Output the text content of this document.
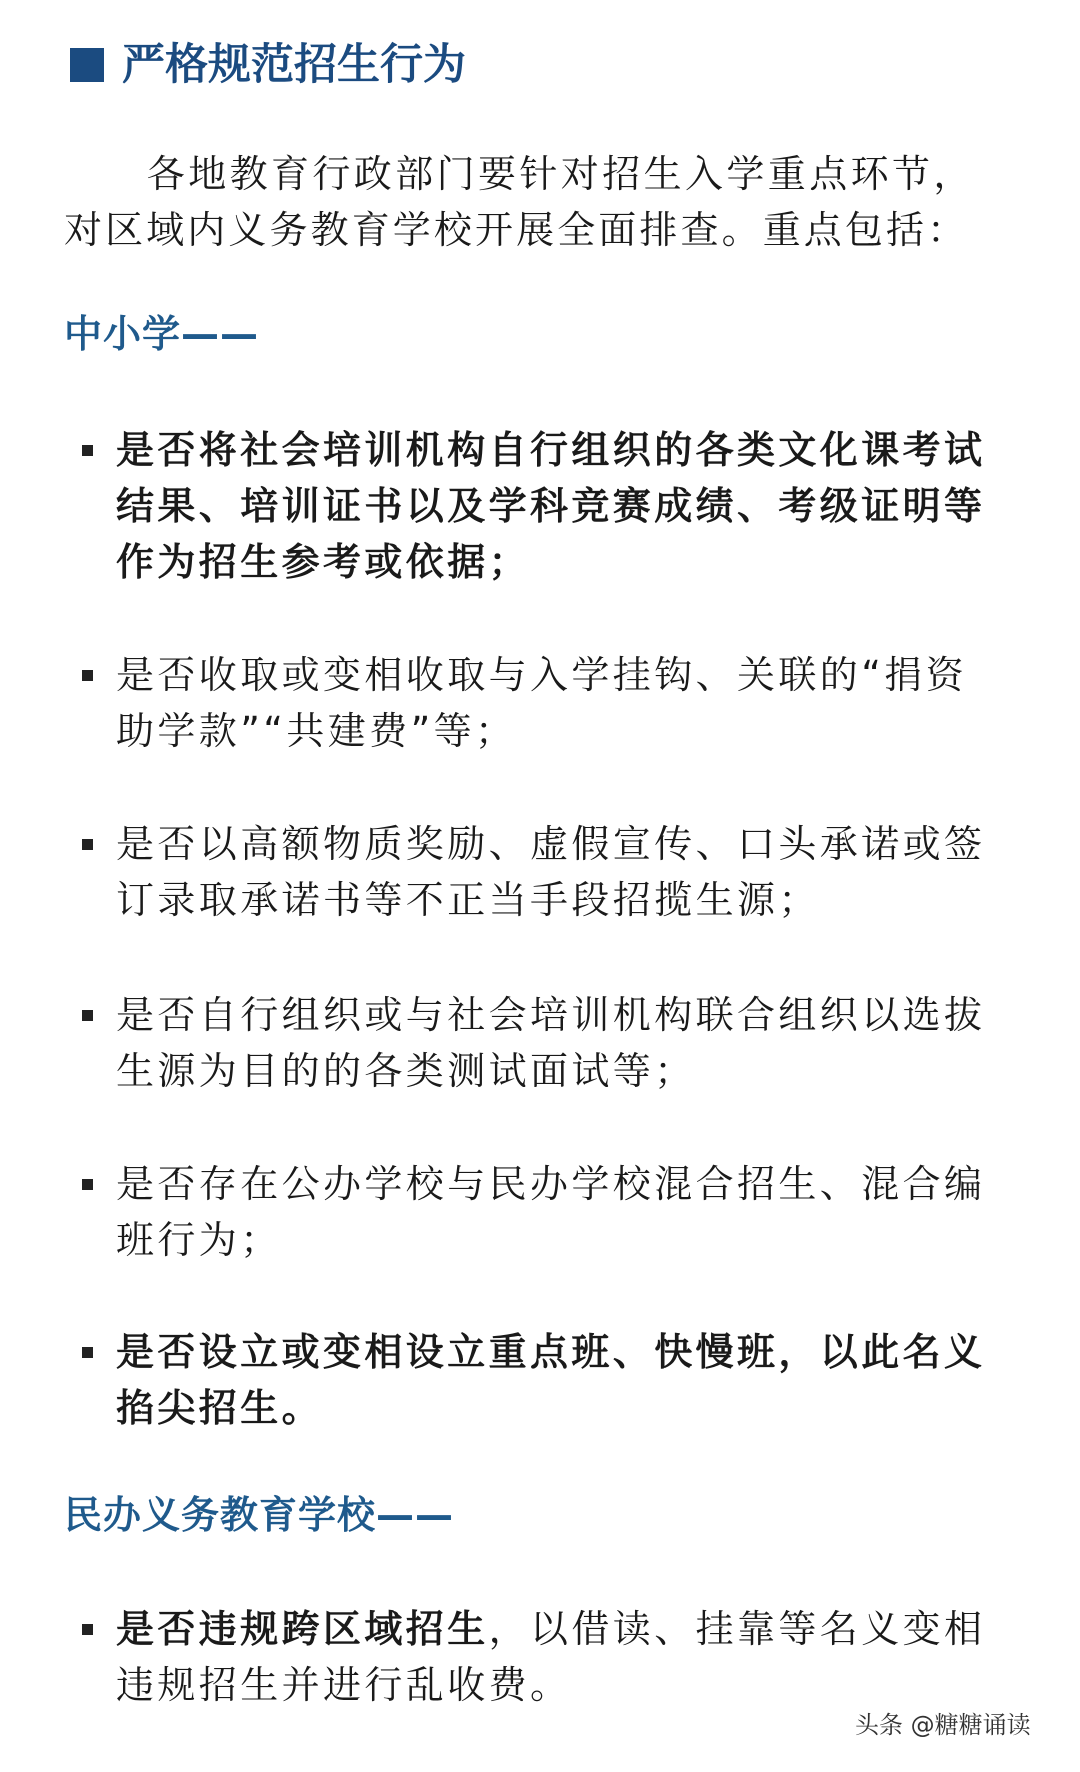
严格规范招生行为
　　各地教育行政部门要针对招生入学重点环节，
对区域内义务教育学校开展全面排查。重点包括：
中小学——
是否将社会培训机构自行组织的各类文化课考试
结果、培训证书以及学科竞赛成绩、考级证明等
作为招生参考或依据；
是否收取或变相收取与入学挂钩、关联的“捐资
助学款”“共建费”等；
是否以高额物质奖励、虚假宣传、口头承诺或签
订录取承诺书等不正当手段招揽生源；
是否自行组织或与社会培训机构联合组织以选拔
生源为目的的各类测试面试等；
是否存在公办学校与民办学校混合招生、混合编
班行为；
是否设立或变相设立重点班、快慢班，以此名义
掐尖招生。
民办义务教育学校——
是否违规跨区域招生，以借读、挂靠等名义变相
违规招生并进行乱收费。
头条 @糖糖诵读
